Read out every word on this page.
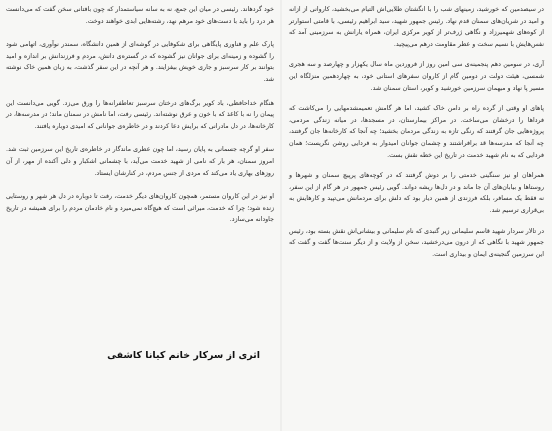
در سیصدمین که خورشید، زمینهای شب را با انگشتان طلایی‌اش التیام می‌بخشید، کاروانی از ازانه و امید در شریان‌های سمنان قدم نهاد. رئیس جمهور شهید، سید ابراهیم رئیسی، با قامتی استوارتر از کوه‌های شهمیرزاد و نگاهی ژرف‌تر از کویر مرکزی ایران، همراه یارانش به سرزمینی آمد که نفس‌هایش با نسیم سخت و عطر مقاومت درهم می‌پیچید.

آری، در سومین دهم پنجمینه‌ی سی امین روز از فروردین ماه سال یکهزار و چهارصد و سه هجری شمسی، هیئت دولت در دومین گام از کاروان سفرهای استانی خود، به چهاردهمین منزلگاه این مسیر پا نهاد و میهمان سرزمین خورشید و کویر، استان سمنان شد.

پاهای او وقتی از گرده راه بر دامن خاک کشید، اما هر گامش تعمیمشدمهایی را می‌کاشت که فردا‌ها را درخشان می‌ساخت. در مراکز بیمارستان، در مسجد‌ها، در میانه زندگی مردمی، پروژه‌هایی جان گرفتند که رنگی تازه به زندگی مردمان بخشید؛ چه آنجا که کارخانه‌ها جان گرفتند، چه آنجا که مدرسه‌ها قد برافراشتند و چشمان جوانان امیدوار به فردایی روشن نگریست؛ همان فردایی که به نام شهید خدمت در تاریخ این خطه نقش بست.

همراهان او نیز سنگینی خدمتی را بر دوش گرفتند که در کوچه‌های پرپیچ سمنان و شهرها و روستاها و بیابان‌های آن جا ماند و در دل‌ها ریشه دواند. گویی رئیس جمهور در هر گام از این سفر، نه فقط یک مسافر، بلکه فرزندی از همین دیار بود که دلش برای مردمانش می‌تپید و کارهایش به بی‌قراری ترسیم شد.

در تالار سردار شهید قاسم سلیمانی زیر گنبدی که نام سلیمانی و بیشانی‌اش نقش بسته بود، رئیس جمهور شهید با نگاهی که از درون می‌درخشید، سخن از ولایت و از دیگر سنت‌ها گفت و گفت که این سرزمین گنجینه‌ی ایمان و بیداری است.

خود گرد‌هاند. رئیسی در میان این جمع، نه به سانه سیاستمدار که چون بافتانی سخن گفت که می‌دانست هر درد را باید با دست‌های خود مرهم نهد، رشته‌هایی ابدی خواهند دوخت.

پارک علم و فناوری پایگاهی برای شکوفایی در گوشه‌ای از همین دانشگاه، سمندر نوآوری، اتهامی شود را گشوده و زمینه‌ای برای جوانان نیز گشوده که در گستره‌ی دانش، مردم و فرزندانش بر اندازه و امید بتوانند بر کار سرسبز و جاری خویش بیفزایند. و هر آنچه در این سفر گذشت، به زبان همین خاک نوشته شد.

هنگام خداحافظی، باد کویر برگ‌های درختان سرسبز تعاطفرانه‌ها را ورق می‌زد. گویی می‌دانست این پیمان را نه با کاغذ که با خون و عرق نوشته‌اند. رئیسی رفت، اما نامش در سمنان ماند؛ در مدرسه‌ها، در کارخانه‌ها، در دل مادرانی که برایش دعا کردند و در خاطره‌ی جوانانی که امیدی دوباره یافتند.

سفر او گرچه جسمانی به پایان رسید، اما چون عطری ماندگار در خاطره‌ی تاریخ این سرزمین ثبت شد. امروز سمنان، هر بار که نامی از شهید خدمت می‌آید، با چشمانی اشکبار و دلی آکنده از مهر، از آن روزهای بهاری یاد می‌کند که مردی از جنس مردم، در کنارشان ایستاد.

او نیز در این کاروان مستمر، همچون کاروان‌های دیگر خدمت، رفت تا دوباره در دل هر شهر و روستایی زنده شود؛ چرا که خدمت، میراثی است که هیچ‌گاه نمی‌میرد و نام خادمان مردم را برای همیشه در تاریخ جاودانه می‌سازد.

اثری از سرکار خانم کیانا کاشفی
